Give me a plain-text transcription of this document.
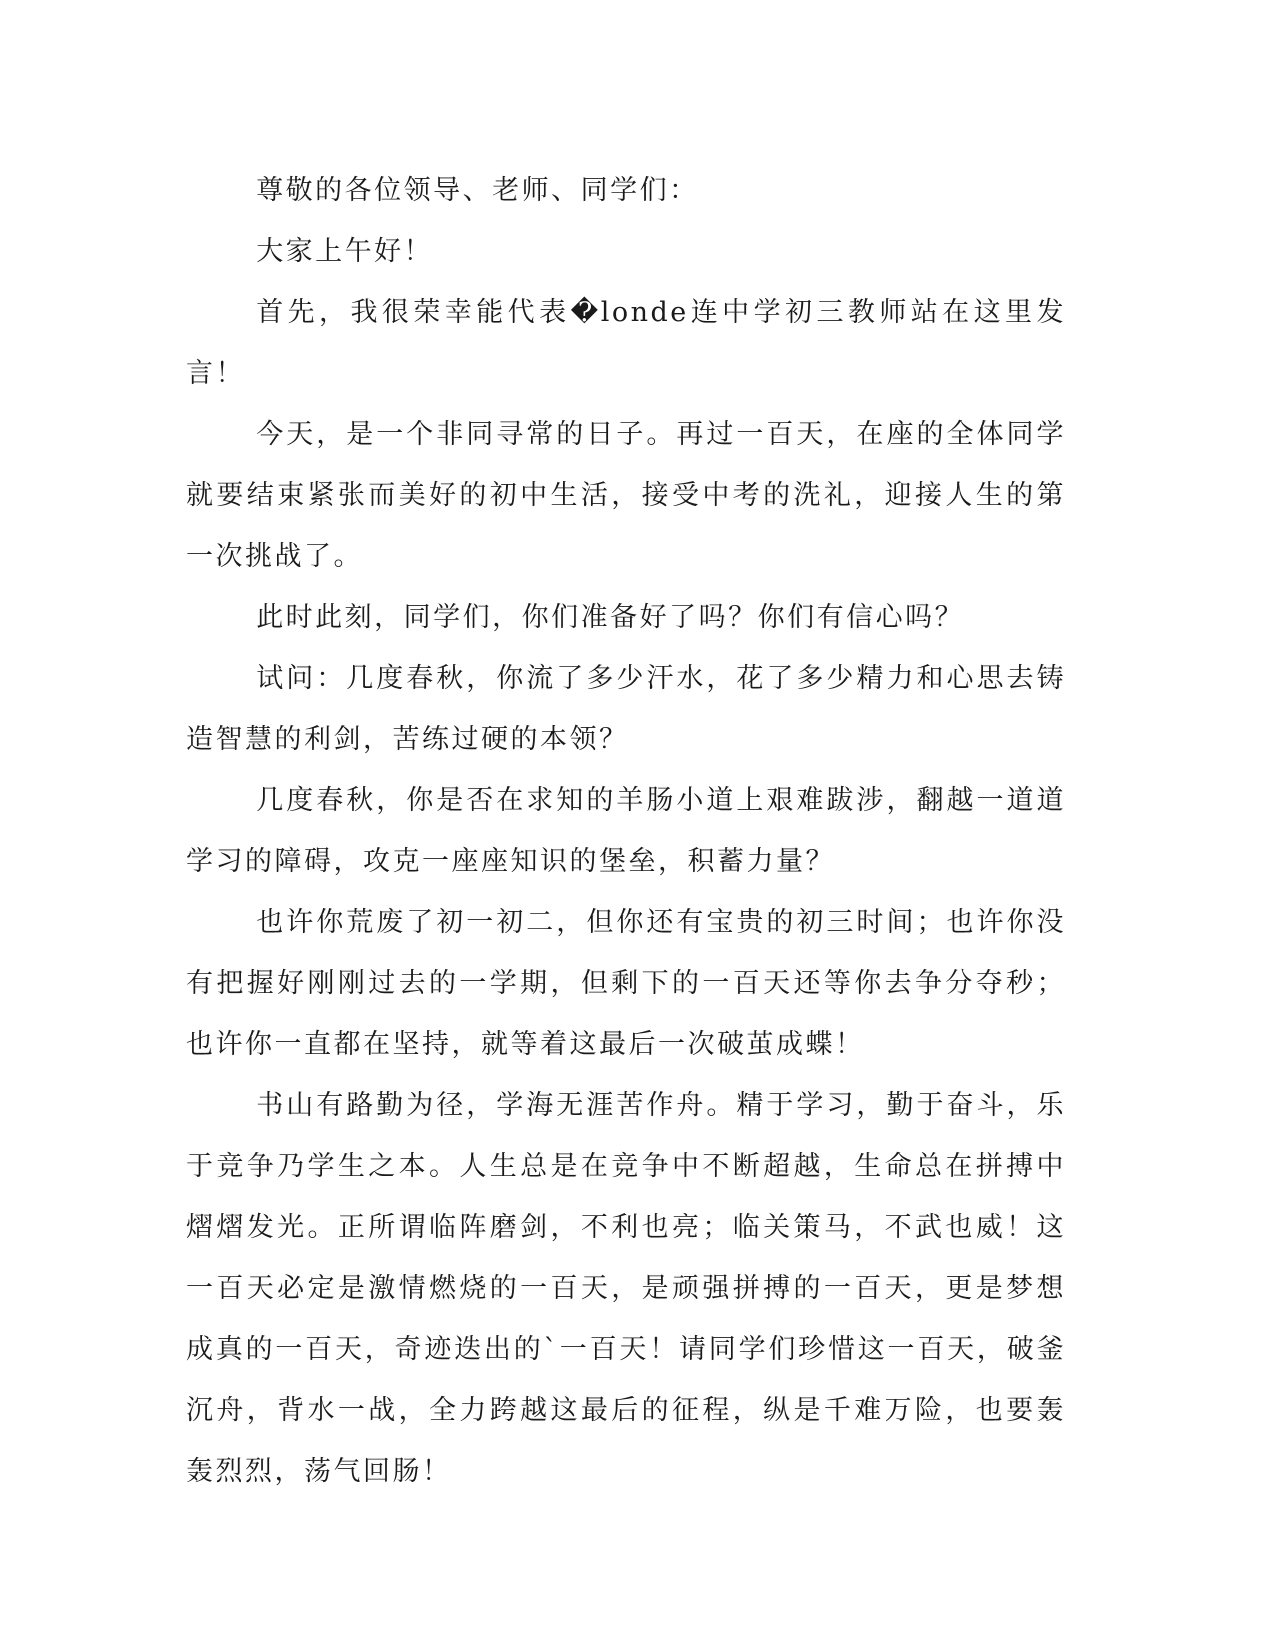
尊敬的各位领导、老师、同学们：

大家上午好！

首先，我很荣幸能代表�londe连中学初三教师站在这里发言！

今天，是一个非同寻常的日子。再过一百天，在座的全体同学就要结束紧张而美好的初中生活，接受中考的洗礼，迎接人生的第一次挑战了。

此时此刻，同学们，你们准备好了吗？你们有信心吗？

试问：几度春秋，你流了多少汗水，花了多少精力和心思去铸造智慧的利剑，苦练过硬的本领？

几度春秋，你是否在求知的羊肠小道上艰难跋涉，翻越一道道学习的障碍，攻克一座座知识的堡垒，积蓄力量？

也许你荒废了初一初二，但你还有宝贵的初三时间；也许你没有把握好刚刚过去的一学期，但剩下的一百天还等你去争分夺秒；也许你一直都在坚持，就等着这最后一次破茧成蝶！

书山有路勤为径，学海无涯苦作舟。精于学习，勤于奋斗，乐于竞争乃学生之本。人生总是在竞争中不断超越，生命总在拼搏中熠熠发光。正所谓临阵磨剑，不利也亮；临关策马，不武也威！这一百天必定是激情燃烧的一百天，是顽强拼搏的一百天，更是梦想成真的一百天，奇迹迭出的`一百天！请同学们珍惜这一百天，破釜沉舟，背水一战，全力跨越这最后的征程，纵是千难万险，也要轰轰烈烈，荡气回肠！
